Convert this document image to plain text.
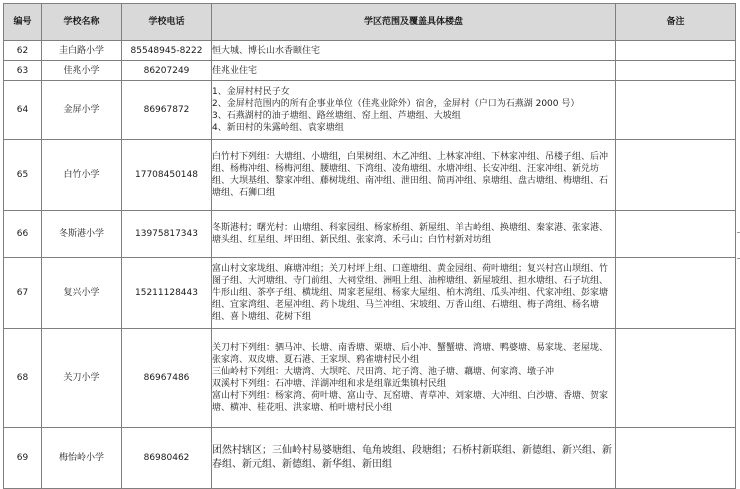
编号	学校名称	学校电话	学区范围及覆盖具体楼盘	备注
62	圭白路小学	85548945-8222	恒大城、博长山水香颐住宅	

63	佳兆小学	86207249	佳兆业住宅	

64	金屏小学	86967872	1、金屏村村民子女
2、金屏村范围内的所有企事业单位（佳兆业除外）宿舍，金屏村（户口为石燕湖 2000 号）
3、石燕湖村的油子塘组、路丝塘组、窑上组、芦塘组、大坡组
4、新田村的朱露岭组、袁家塘组	

65	白竹小学	17708450148	白竹村下列组：大塘组、小塘组，白果树组、木乙冲组、上林家冲组、下林家冲组、吊楼子组、后冲组、杨梅冲组、杨梅河组、腰塘组、下湾组、凌角塘组、水塘冲组、长安冲组、汪家冲组、新兑坊组、大坝基组、黎家冲组、藤树垅组、南冲组、泄田组、简再冲组、泉塘组、盘古塘组、梅塘组、石塘组、石狮口组	

66	冬斯港小学	13975817343	冬斯港村；曙光村：山塘组、科家园组、杨家桥组、新屋组、羊古岭组、换塘组、秦家港、张家港、塘头组、红星组、坪田组、新民组、张家湾、禾弓山；白竹村新对坊组	

67	复兴小学	15211128443	富山村文家垅组、麻塘冲组；关刀村坪上组、口莲塘组、黄金园组、荷叶塘组；复兴村宫山坝组、竹图子组、大河塘组、寺门前组、大祠堂组、洲咀上组、油榨塘组、新屋坡组、担水塘组、石子坑组、牛形山组、茶亭子组、横垅组、周家老屋组、杨家大屋组、柏木湾组、瓜头冲组、代家冲组、彭家塘组、宜家湾组、老屋冲组、药卜垅组、马兰冲组、宋坡组、万香山组、石塘组、梅子湾组、杨名塘组、喜卜塘组、花树下组	

68	关刀小学	86967486	关刀村下列组：驷马冲、长塘、南香塘、栗塘、后小冲、蟹蟹塘、湾塘、鸭婆塘、易家垅、老屋垅、张家湾、双皮塘、夏石港、王家坝、鸦雀塘村民小组
三仙岭村下列组：大塘湾、大坝咤、尺田湾、坨子湾、池子塘、藕塘、何家湾、墩子冲
双溪村下列组：石冲塘、洋湖冲组和求是组靠近集镇村民组
富山村下列组：杨家湾、荷叶塘、富山寺、瓦窑塘、青草冲、刘家塘、大冲组、白沙塘、香塘、贺家塘、横冲、桂花咀、洪家塘、柏叶塘村民小组	

69	梅怡岭小学	86980462	团然村辖区；三仙岭村易婆塘组、龟角坡组、段塘组；石桥村新联组、新德组、新兴组、新春组、新元组、新德组、新华组、新田组	
